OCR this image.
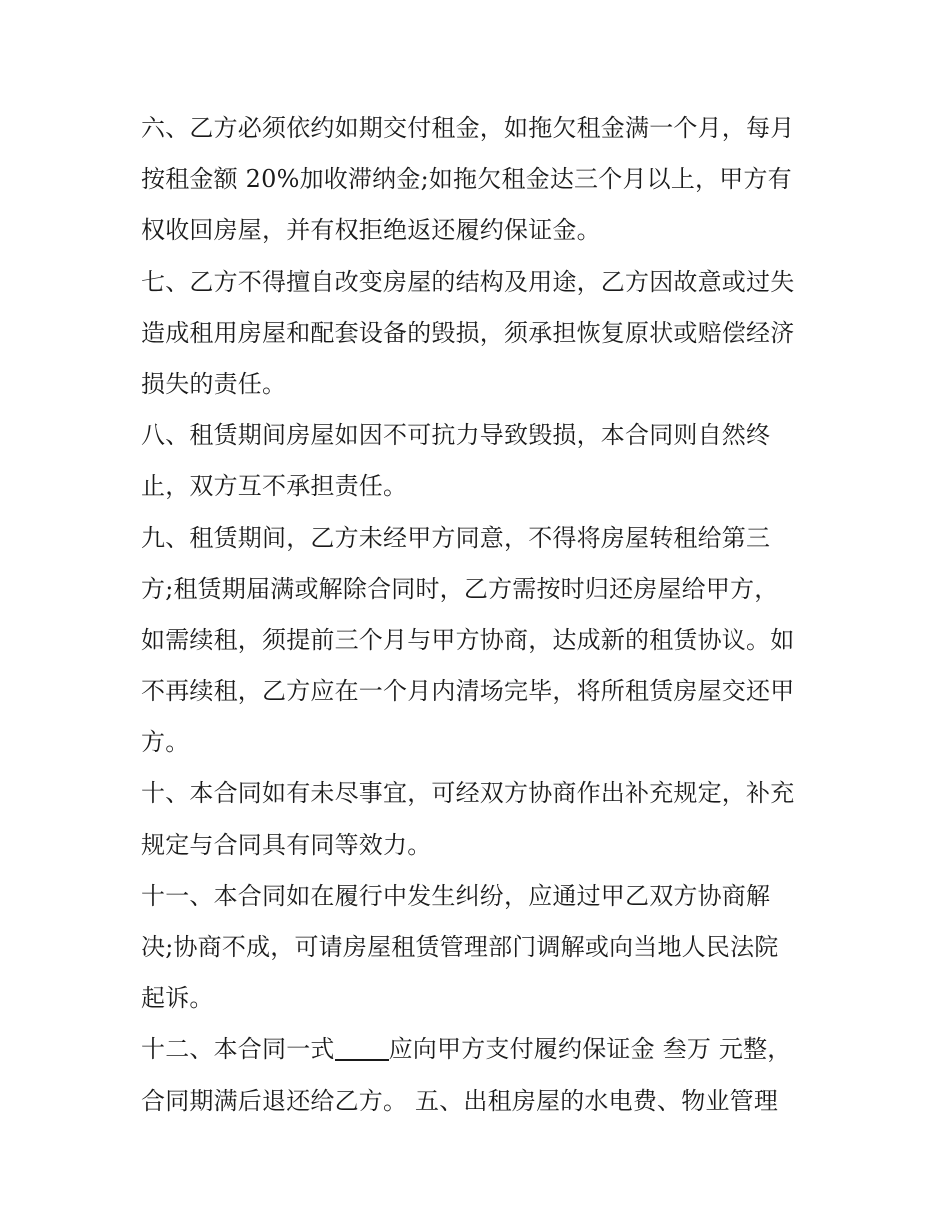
六、乙方必须依约如期交付租金，如拖欠租金满一个月，每月
按租金额 20%加收滞纳金;如拖欠租金达三个月以上，甲方有
权收回房屋，并有权拒绝返还履约保证金。
七、乙方不得擅自改变房屋的结构及用途，乙方因故意或过失
造成租用房屋和配套设备的毁损，须承担恢复原状或赔偿经济
损失的责任。
八、租赁期间房屋如因不可抗力导致毁损，本合同则自然终
止，双方互不承担责任。
九、租赁期间，乙方未经甲方同意，不得将房屋转租给第三
方;租赁期届满或解除合同时，乙方需按时归还房屋给甲方，
如需续租，须提前三个月与甲方协商，达成新的租赁协议。如
不再续租，乙方应在一个月内清场完毕，将所租赁房屋交还甲
方。
十、本合同如有未尽事宜，可经双方协商作出补充规定，补充
规定与合同具有同等效力。
十一、本合同如在履行中发生纠纷，应通过甲乙双方协商解
决;协商不成，可请房屋租赁管理部门调解或向当地人民法院
起诉。
十二、本合同一式 应向甲方支付履约保证金 叁万 元整，
合同期满后退还给乙方。 五、出租房屋的水电费、物业管理
